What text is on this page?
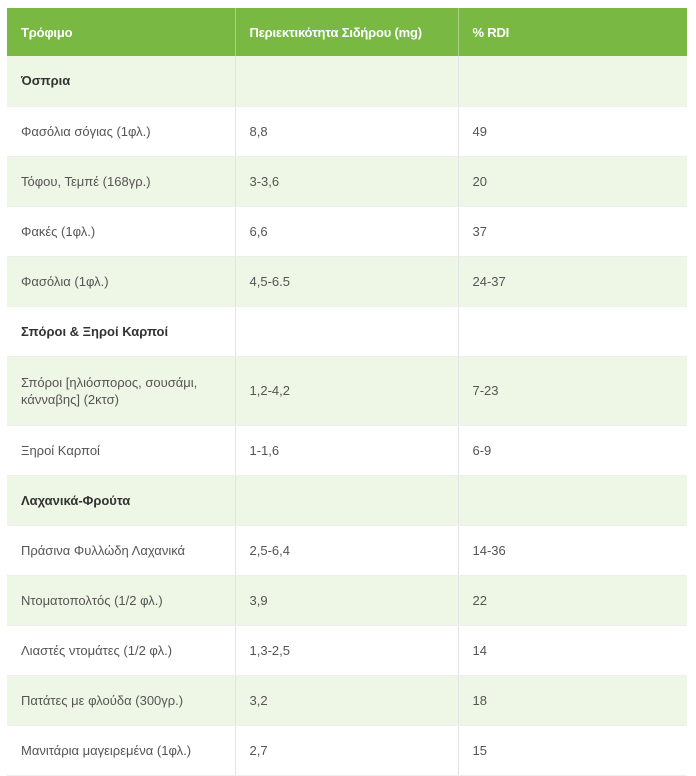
Τρόφιμο	Περιεκτικότητα Σιδήρου (mg)	% RDI
Όσπρια		
Φασόλια σόγιας (1φλ.)	8,8	49
Τόφου, Τεμπέ (168γρ.)	3-3,6	20
Φακές (1φλ.)	6,6	37
Φασόλια (1φλ.)	4,5-6.5	24-37
Σπόροι & Ξηροί Καρποί		
Σπόροι [ηλιόσπορος, σουσάμι, κάνναβης] (2κτσ)	1,2-4,2	7-23
Ξηροί Καρποί	1-1,6	6-9
Λαχανικά-Φρούτα		
Πράσινα Φυλλώδη Λαχανικά	2,5-6,4	14-36
Ντοματοπολτός (1/2 φλ.)	3,9	22
Λιαστές ντομάτες (1/2 φλ.)	1,3-2,5	14
Πατάτες με φλούδα (300γρ.)	3,2	18
Μανιτάρια μαγειρεμένα (1φλ.)	2,7	15
